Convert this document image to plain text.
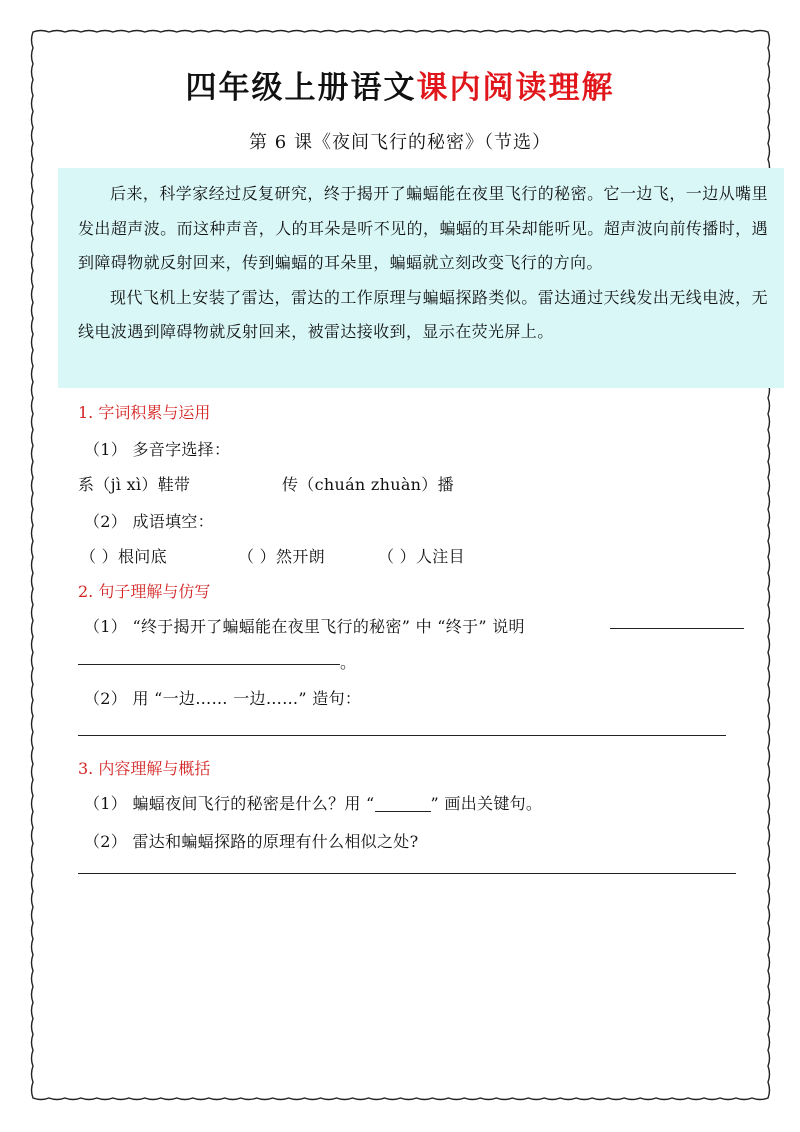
四年级上册语文课内阅读理解
第 6 课《夜间飞行的秘密》（节选）

后来，科学家经过反复研究，终于揭开了蝙蝠能在夜里飞行的秘密。它一边飞，一边从嘴里发出超声波。而这种声音，人的耳朵是听不见的，蝙蝠的耳朵却能听见。超声波向前传播时，遇到障碍物就反射回来，传到蝙蝠的耳朵里，蝙蝠就立刻改变飞行的方向。

现代飞机上安装了雷达，雷达的工作原理与蝙蝠探路类似。雷达通过天线发出无线电波，无线电波遇到障碍物就反射回来，被雷达接收到，显示在荧光屏上。

1. 字词积累与运用
（1） 多音字选择：
系（jì xì）鞋带	传（chuán zhuàn）播
（2） 成语填空：
（ ）根问底	（ ）然开朗	（ ）人注目
2. 句子理解与仿写
（1） “终于揭开了蝙蝠能在夜里飞行的秘密” 中 “终于” 说明
。
（2） 用 “一边…… 一边……” 造句：
3. 内容理解与概括
（1） 蝙蝠夜间飞行的秘密是什么？用 “	” 画出关键句。
（2） 雷达和蝙蝠探路的原理有什么相似之处?
